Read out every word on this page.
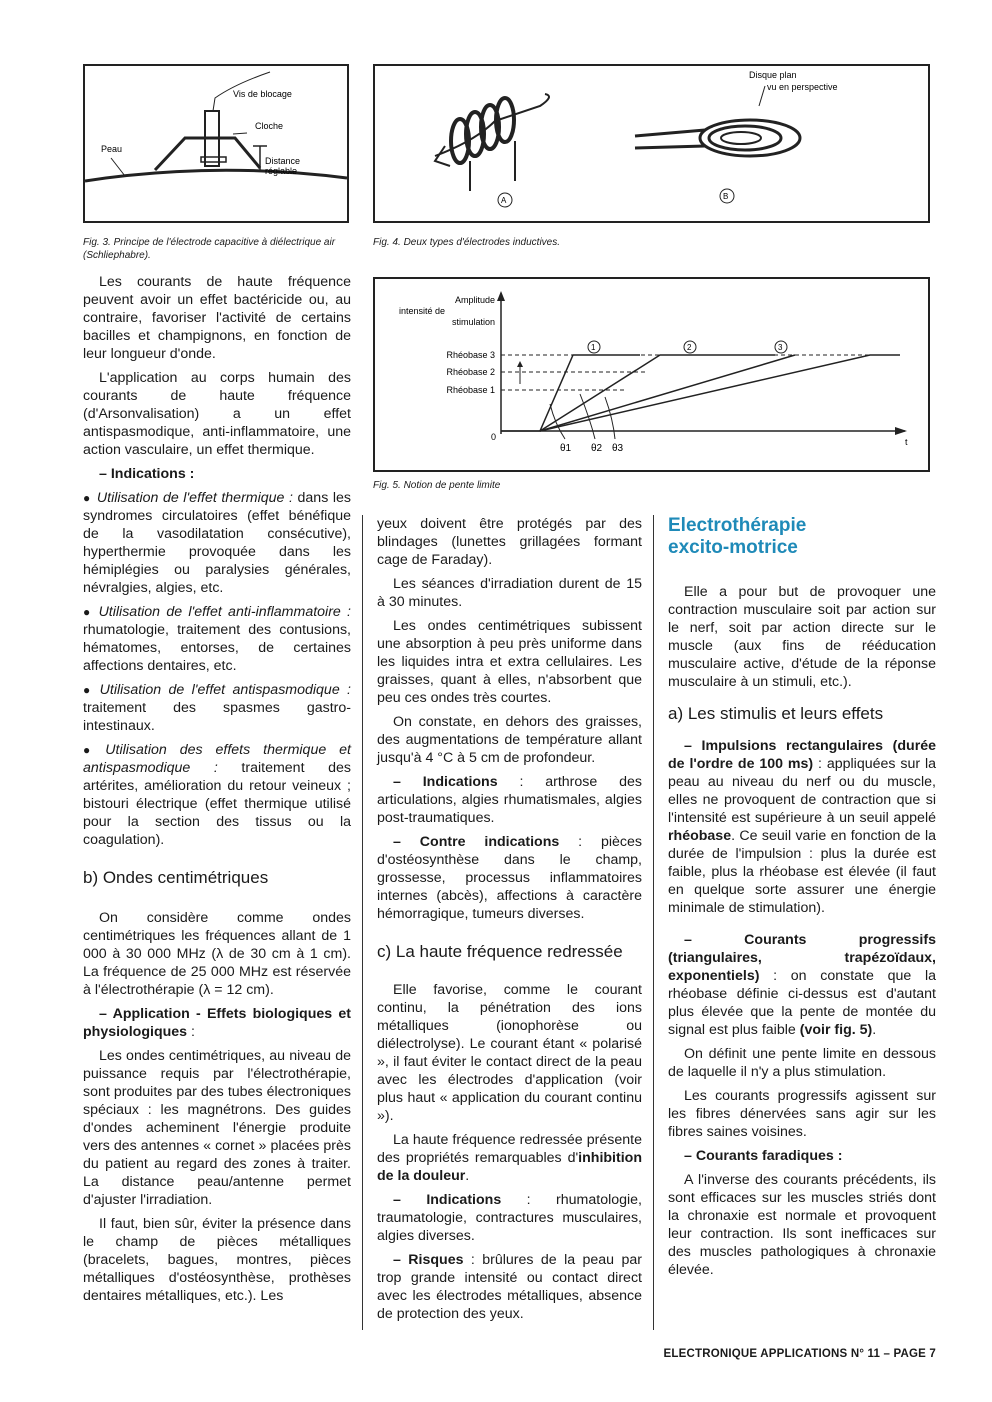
Vis de blocage
Cloche
Peau
Distance
réglable
Fig. 3. Principe de l'électrode capacitive à diélectrique air (Schliephabre).
Disque plan
vu en perspective
A	B
Fig. 4. Deux types d'électrodes inductives.
1	2	3
Amplitude
intensité de
stimulation
Rhéobase 3
Rhéobase 2
Rhéobase 1
0	t
θ1 θ2 θ3
Fig. 5. Notion de pente limite

Les courants de haute fréquence peuvent avoir un effet bactéricide ou, au contraire, favoriser l'activité de certains bacilles et champignons, en fonction de leur longueur d'onde.

L'application au corps humain des courants de haute fréquence (d'Arsonvalisation) a un effet antispasmodique, anti-inflammatoire, une action vasculaire, un effet thermique.

– Indications :

● Utilisation de l'effet thermique : dans les syndromes circulatoires (effet bénéfique de la vasodilatation consécutive), hyperthermie provoquée dans les hémiplégies ou paralysies générales, névralgies, algies, etc.

● Utilisation de l'effet anti-inflammatoire : rhumatologie, traitement des contusions, hématomes, entorses, de certaines affections dentaires, etc.

● Utilisation de l'effet antispasmodique : traitement des spasmes gastro-intestinaux.

● Utilisation des effets thermique et antispasmodique : traitement des artérites, amélioration du retour veineux ; bistouri électrique (effet thermique utilisé pour la section des tissus ou la coagulation).

b) Ondes centimétriques

On considère comme ondes centimétriques les fréquences allant de 1 000 à 30 000 MHz (λ de 30 cm à 1 cm). La fréquence de 25 000 MHz est réservée à l'électrothérapie (λ = 12 cm).

– Application - Effets biologiques et physiologiques :

Les ondes centimétriques, au niveau de puissance requis par l'électrothérapie, sont produites par des tubes électroniques spéciaux : les magnétrons. Des guides d'ondes acheminent l'énergie produite vers des antennes « cornet » placées près du patient au regard des zones à traiter. La distance peau/antenne permet d'ajuster l'irradiation.

Il faut, bien sûr, éviter la présence dans le champ de pièces métalliques (bracelets, bagues, montres, pièces métalliques d'ostéosynthèse, prothèses dentaires métalliques, etc.). Les

yeux doivent être protégés par des blindages (lunettes grillagées formant cage de Faraday).

Les séances d'irradiation durent de 15 à 30 minutes.

Les ondes centimétriques subissent une absorption à peu près uniforme dans les liquides intra et extra cellulaires. Les graisses, quant à elles, n'absorbent que peu ces ondes très courtes.

On constate, en dehors des graisses, des augmentations de température allant jusqu'à 4 °C à 5 cm de profondeur.

– Indications : arthrose des articulations, algies rhumatismales, algies post-traumatiques.

– Contre indications : pièces d'ostéosynthèse dans le champ, grossesse, processus inflammatoires internes (abcès), affections à caractère hémorragique, tumeurs diverses.

c) La haute fréquence redressée

Elle favorise, comme le courant continu, la pénétration des ions métalliques (ionophorèse ou diélectrolyse). Le courant étant « polarisé », il faut éviter le contact direct de la peau avec les électrodes d'application (voir plus haut « application du courant continu »).

La haute fréquence redressée présente des propriétés remarquables d'inhibition de la douleur.

– Indications : rhumatologie, traumatologie, contractures musculaires, algies diverses.

– Risques : brûlures de la peau par trop grande intensité ou contact direct avec les électrodes métalliques, absence de protection des yeux.

Electrothérapie
excito-motrice

Elle a pour but de provoquer une contraction musculaire soit par action sur le nerf, soit par action directe sur le muscle (aux fins de rééducation musculaire active, d'étude de la réponse musculaire à un stimuli, etc.).

a) Les stimulis et leurs effets

– Impulsions rectangulaires (durée de l'ordre de 100 ms) : appliquées sur la peau au niveau du nerf ou du muscle, elles ne provoquent de contraction que si l'intensité est supérieure à un seuil appelé rhéobase. Ce seuil varie en fonction de la durée de l'impulsion : plus la durée est faible, plus la rhéobase est élevée (il faut en quelque sorte assurer une énergie minimale de stimulation).

– Courants progressifs (triangulaires, trapézoïdaux, exponentiels) : on constate que la rhéobase définie ci-dessus est d'autant plus élevée que la pente de montée du signal est plus faible (voir fig. 5).

On définit une pente limite en dessous de laquelle il n'y a plus stimulation.

Les courants progressifs agissent sur les fibres dénervées sans agir sur les fibres saines voisines.

– Courants faradiques :

A l'inverse des courants précédents, ils sont efficaces sur les muscles striés dont la chronaxie est normale et provoquent leur contraction. Ils sont inefficaces sur des muscles pathologiques à chronaxie élevée.

ELECTRONIQUE APPLICATIONS N° 11 – PAGE 7
